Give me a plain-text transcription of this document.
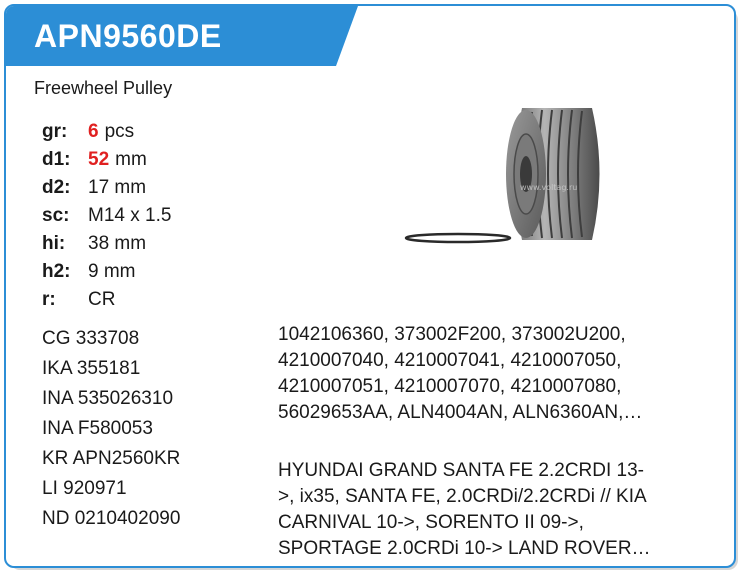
APN9560DE
Freewheel Pulley
gr:	6 pcs
d1: 52 mm
d2: 17 mm
sc: M14 x 1.5
hi:	38 mm
h2: 9 mm
r:	CR
www.voltag.ru
CG 333708
IKA 355181
INA 535026310
INA F580053
KR APN2560KR
LI 920971
ND 0210402090
1042106360, 373002F200, 373002U200,
4210007040, 4210007041, 4210007050,
4210007051, 4210007070, 4210007080,
56029653AA, ALN4004AN, ALN6360AN,…
HYUNDAI GRAND SANTA FE 2.2CRDI 13-
>, ix35, SANTA FE, 2.0CRDi/2.2CRDi // KIA
CARNIVAL 10->, SORENTO II 09->,
SPORTAGE 2.0CRDi 10-> LAND ROVER…
